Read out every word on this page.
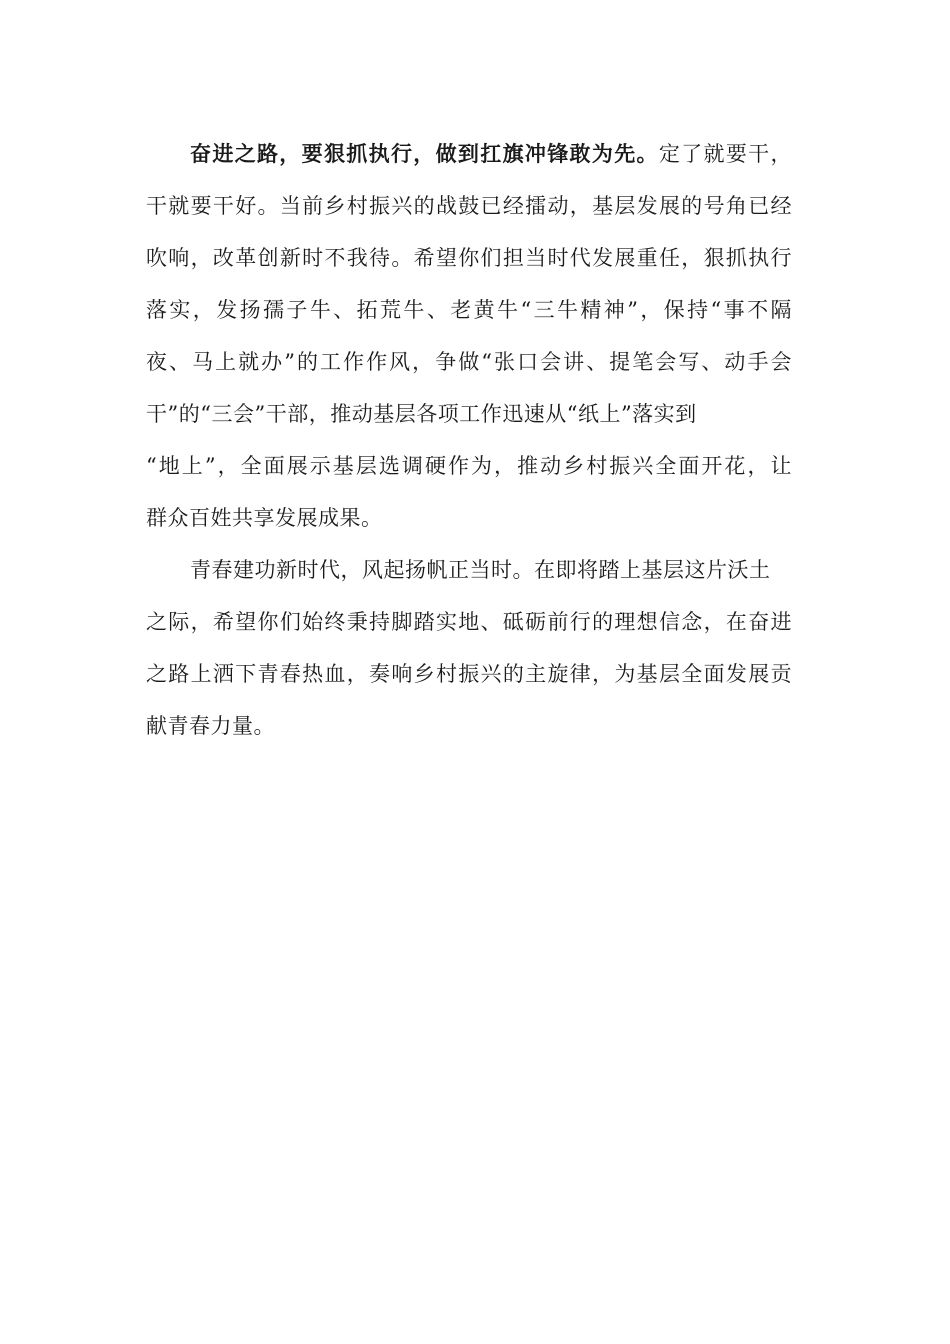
奋进之路，要狠抓执行，做到扛旗冲锋敢为先。定了就要干，
干就要干好。当前乡村振兴的战鼓已经擂动，基层发展的号角已经
吹响，改革创新时不我待。希望你们担当时代发展重任，狠抓执行
落实，发扬孺子牛、拓荒牛、老黄牛“三牛精神”，保持“事不隔
夜、马上就办”的工作作风，争做“张口会讲、提笔会写、动手会
干”的“三会”干部，推动基层各项工作迅速从“纸上”落实到
“地上”，全面展示基层选调硬作为，推动乡村振兴全面开花，让
群众百姓共享发展成果。
青春建功新时代，风起扬帆正当时。在即将踏上基层这片沃土
之际，希望你们始终秉持脚踏实地、砥砺前行的理想信念，在奋进
之路上洒下青春热血，奏响乡村振兴的主旋律，为基层全面发展贡
献青春力量。
